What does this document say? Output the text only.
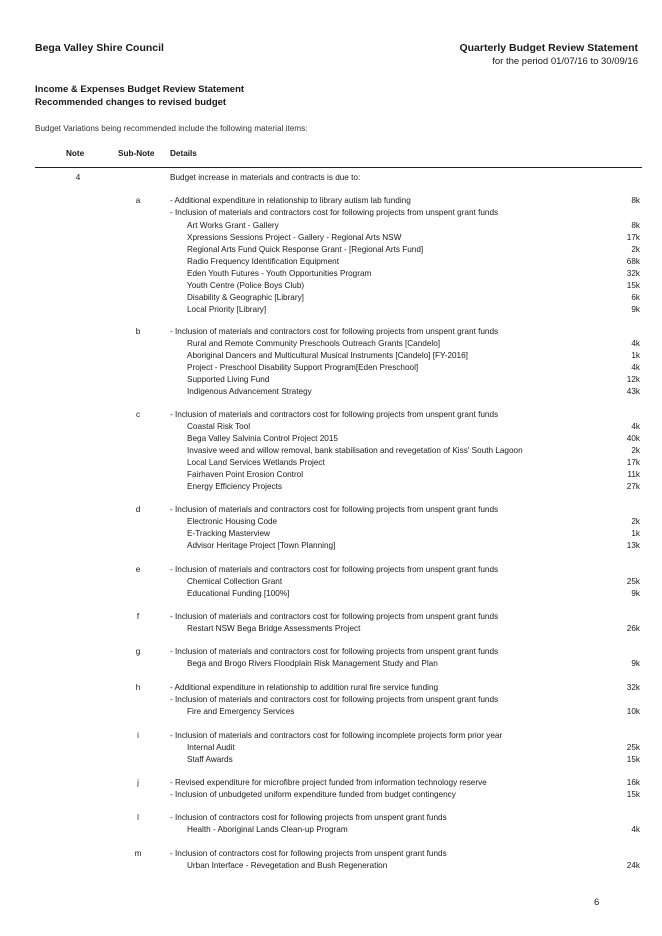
Bega Valley Shire Council	Quarterly Budget Review Statement
for the period 01/07/16 to 30/09/16
Income & Expenses Budget Review Statement
Recommended changes to revised budget
Budget Variations being recommended include the following material items:
Note	Sub-Note Details
4	Budget increase in materials and contracts is due to:
a	- Additional expenditure in relationship to library autism lab funding	8k
- Inclusion of materials and contractors cost for following projects from unspent grant funds
Art Works Grant - Gallery	8k
Xpressions Sessions Project - Gallery - Regional Arts NSW	17k
Regional Arts Fund Quick Response Grant - [Regional Arts Fund]	2k
Radio Frequency Identification Equipment	68k
Eden Youth Futures - Youth Opportunities Program	32k
Youth Centre (Police Boys Club)	15k
Disability & Geographic [Library]	6k
Local Priority [Library]	9k
b	- Inclusion of materials and contractors cost for following projects from unspent grant funds
Rural and Remote Community Preschools Outreach Grants [Candelo]	4k
Aboriginal Dancers and Multicultural Musical Instruments [Candelo] [FY-2016]	1k
Project - Preschool Disability Support Program[Eden Preschool]	4k
Supported Living Fund	12k
Indigenous Advancement Strategy	43k
c	- Inclusion of materials and contractors cost for following projects from unspent grant funds
Coastal Risk Tool	4k
Bega Valley Salvinia Control Project 2015	40k
Invasive weed and willow removal, bank stabilisation and revegetation of Kiss' South Lagoon	2k
Local Land Services Wetlands Project	17k
Fairhaven Point Erosion Control	11k
Energy Efficiency Projects	27k
d	- Inclusion of materials and contractors cost for following projects from unspent grant funds
Electronic Housing Code	2k
E-Tracking Masterview	1k
Advisor Heritage Project [Town Planning]	13k
e	- Inclusion of materials and contractors cost for following projects from unspent grant funds
Chemical Collection Grant	25k
Educational Funding [100%]	9k
f	- Inclusion of materials and contractors cost for following projects from unspent grant funds
Restart NSW Bega Bridge Assessments Project	26k
g	- Inclusion of materials and contractors cost for following projects from unspent grant funds
Bega and Brogo Rivers Floodplain Risk Management Study and Plan	9k
h	- Additional expenditure in relationship to addition rural fire service funding	32k
- Inclusion of materials and contractors cost for following projects from unspent grant funds
Fire and Emergency Services	10k
i	- Inclusion of materials and contractors cost for following incomplete projects form prior year
Internal Audit	25k
Staff Awards	15k
j	- Revised expenditure for microfibre project funded from information technology reserve	16k
- Inclusion of unbudgeted uniform expenditure funded from budget contingency	15k
l	- Inclusion of contractors cost for following projects from unspent grant funds
Health - Aboriginal Lands Clean-up Program	4k
m	- Inclusion of contractors cost for following projects from unspent grant funds
Urban Interface - Revegetation and Bush Regeneration	24k
6
